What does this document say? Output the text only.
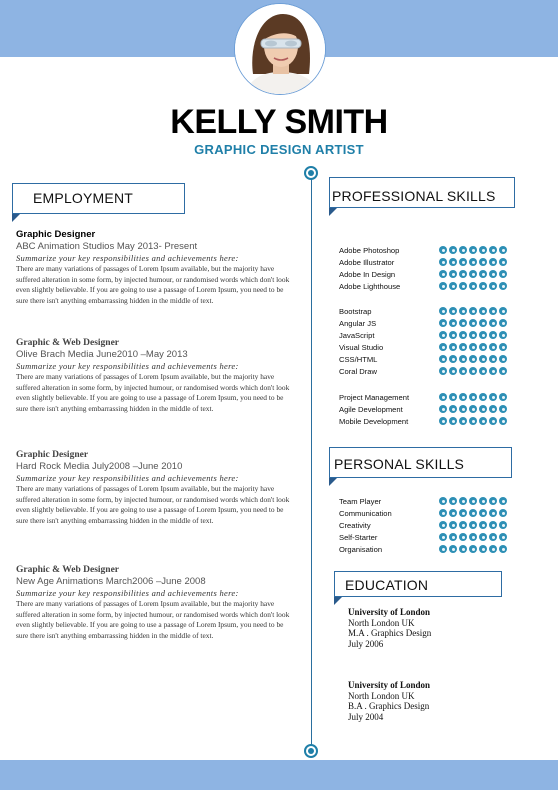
KELLY SMITH
GRAPHIC DESIGN ARTIST
EMPLOYMENT
Graphic Designer
ABC Animation Studios May 2013- Present
Summarize your key responsibilities and achievements here:
There are many variations of passages of Lorem Ipsum available, but the majority have suffered alteration in some form, by injected humour, or randomised words which don't look even slightly believable. If you are going to use a passage of Lorem Ipsum, you need to be sure there isn't anything embarrassing hidden in the middle of text.
Graphic & Web Designer
Olive Brach Media June2010 –May 2013
Summarize your key responsibilities and achievements here:
There are many variations of passages of Lorem Ipsum available, but the majority have suffered alteration in some form, by injected humour, or randomised words which don't look even slightly believable. If you are going to use a passage of Lorem Ipsum, you need to be sure there isn't anything embarrassing hidden in the middle of text.
Graphic Designer
Hard Rock Media July2008 –June 2010
Summarize your key responsibilities and achievements here:
There are many variations of passages of Lorem Ipsum available, but the majority have suffered alteration in some form, by injected humour, or randomised words which don't look even slightly believable. If you are going to use a passage of Lorem Ipsum, you need to be sure there isn't anything embarrassing hidden in the middle of text.
Graphic & Web Designer
New Age Animations March2006 –June 2008
Summarize your key responsibilities and achievements here:
There are many variations of passages of Lorem Ipsum available, but the majority have suffered alteration in some form, by injected humour, or randomised words which don't look even slightly believable. If you are going to use a passage of Lorem Ipsum, you need to be sure there isn't anything embarrassing hidden in the middle of text.
PROFESSIONAL SKILLS
Adobe Photoshop
Adobe Illustrator
Adobe In Design
Adobe Lighthouse
Bootstrap
Angular JS
JavaScript
Visual Studio
CSS/HTML
Coral Draw
Project Management
Agile Development
Mobile Development
PERSONAL SKILLS
Team Player
Communication
Creativity
Self-Starter
Organisation
EDUCATION
University of London
North London UK
M.A . Graphics Design
July 2006
University of London
North London UK
B.A . Graphics Design
July 2004
